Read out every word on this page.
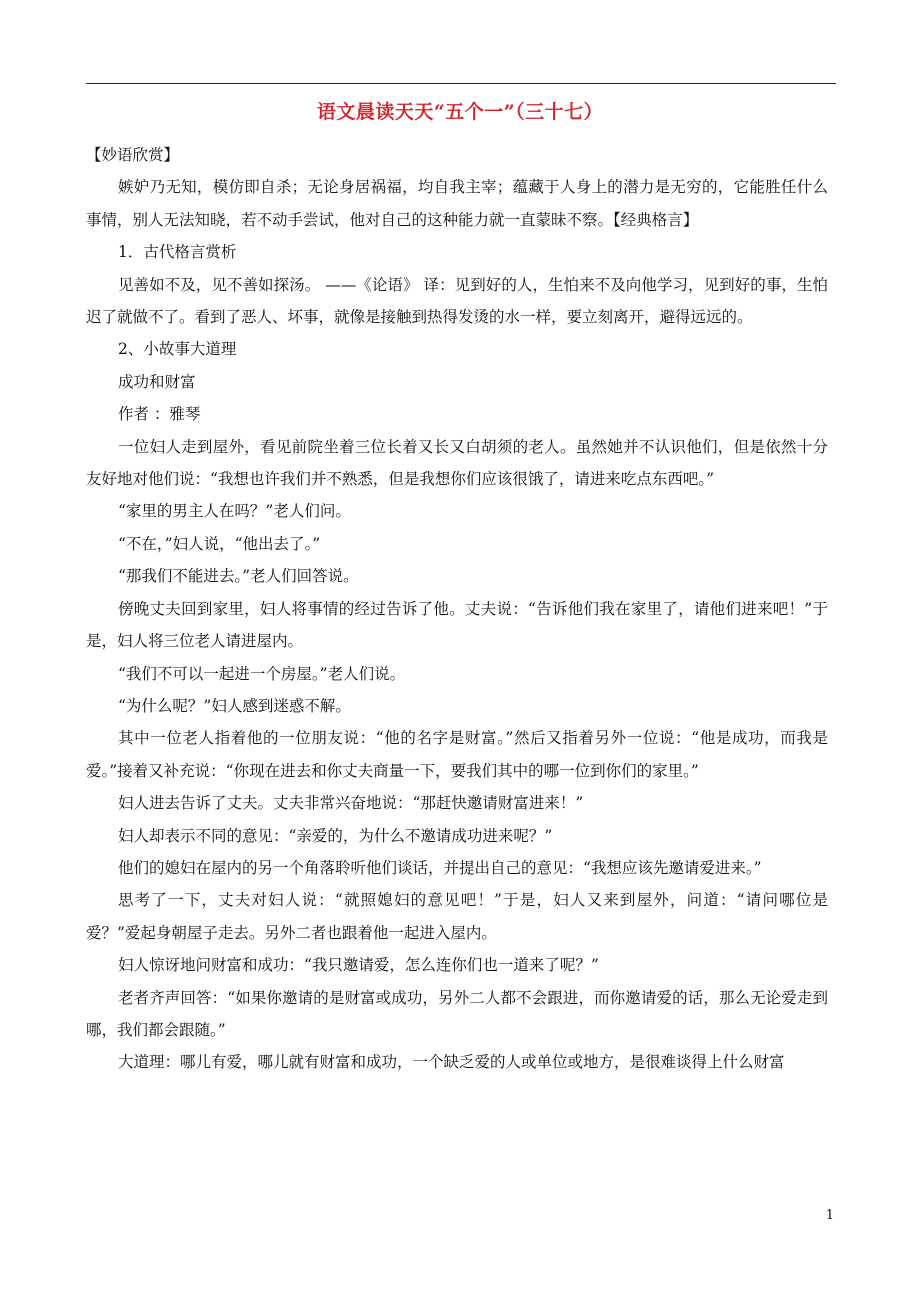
语文晨读天天“五个一”（三十七）

【妙语欣赏】

嫉妒乃无知，模仿即自杀；无论身居祸福，均自我主宰；蕴藏于人身上的潜力是无穷的，它能胜任什么事情，别人无法知晓，若不动手尝试，他对自己的这种能力就一直蒙昧不察。【经典格言】

1．古代格言赏析

见善如不及，见不善如探汤。 ——《论语》 译：见到好的人，生怕来不及向他学习，见到好的事，生怕迟了就做不了。看到了恶人、坏事，就像是接触到热得发烫的水一样，要立刻离开，避得远远的。

2、小故事大道理

成功和财富

作者 ：雅琴

一位妇人走到屋外，看见前院坐着三位长着又长又白胡须的老人。虽然她并不认识他们，但是依然十分友好地对他们说：“我想也许我们并不熟悉，但是我想你们应该很饿了，请进来吃点东西吧。”

“家里的男主人在吗？”老人们问。

“不在，”妇人说，“他出去了。”

“那我们不能进去。”老人们回答说。

傍晚丈夫回到家里，妇人将事情的经过告诉了他。丈夫说：“告诉他们我在家里了，请他们进来吧！”于是，妇人将三位老人请进屋内。

“我们不可以一起进一个房屋。”老人们说。

“为什么呢？”妇人感到迷惑不解。

其中一位老人指着他的一位朋友说：“他的名字是财富。”然后又指着另外一位说：“他是成功，而我是爱。”接着又补充说：“你现在进去和你丈夫商量一下，要我们其中的哪一位到你们的家里。”

妇人进去告诉了丈夫。丈夫非常兴奋地说：“那赶快邀请财富进来！”

妇人却表示不同的意见：“亲爱的，为什么不邀请成功进来呢？”

他们的媳妇在屋内的另一个角落聆听他们谈话，并提出自己的意见：“我想应该先邀请爱进来。”

思考了一下，丈夫对妇人说：“就照媳妇的意见吧！”于是，妇人又来到屋外，问道：“请问哪位是爱？”爱起身朝屋子走去。另外二者也跟着他一起进入屋内。

妇人惊讶地问财富和成功：“我只邀请爱，怎么连你们也一道来了呢？”

老者齐声回答：“如果你邀请的是财富或成功，另外二人都不会跟进，而你邀请爱的话，那么无论爱走到哪，我们都会跟随。”

大道理：哪儿有爱，哪儿就有财富和成功，一个缺乏爱的人或单位或地方，是很难谈得上什么财富

1
